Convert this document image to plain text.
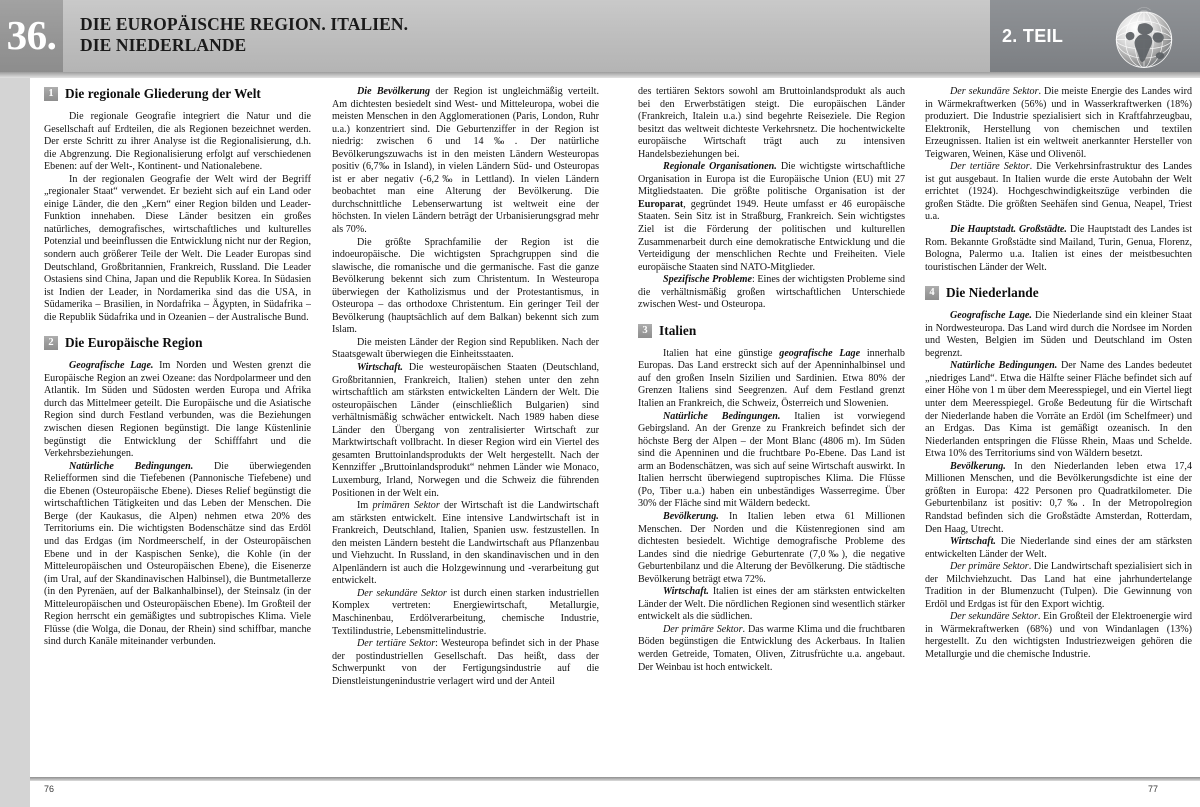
36. DIE EUROPÄISCHE REGION. ITALIEN.
DIE NIEDERLANDE	2. TEIL
1 Die regionale Gliederung der Welt

Die regionale Geografie integriert die Natur und die Gesellschaft auf Erdteilen, die als Regionen bezeichnet werden. Der erste Schritt zu ihrer Analyse ist die Regionalisierung, d.h. die Abgrenzung. Die Regionalisierung erfolgt auf verschiedenen Ebenen: auf der Welt-, Kontinent- und Nationalebene.

In der regionalen Geografie der Welt wird der Begriff „regionaler Staat“ verwendet. Er bezieht sich auf ein Land oder einige Länder, die den „Kern“ einer Region bilden und Leader-Funktion innehaben. Diese Länder besitzen ein großes natürliches, demografisches, wirtschaftliches und kulturelles Potenzial und beeinflussen die Entwicklung nicht nur der Region, sondern auch größerer Teile der Welt. Die Leader Europas sind Deutschland, Großbritannien, Frankreich, Russland. Die Leader Ostasiens sind China, Japan und die Republik Korea. In Südasien ist Indien der Leader, in Nordamerika sind das die USA, in Südamerika – Brasilien, in Nordafrika – Ägypten, in Südafrika – die Republik Südafrika und in Ozeanien – der Australische Bund.

2 Die Europäische Region

Geografische Lage. Im Norden und Westen grenzt die Europäische Region an zwei Ozeane: das Nordpolarmeer und den Atlantik. Im Süden und Südosten werden Europa und Afrika durch das Mittelmeer geteilt. Die Europäische und die Asiatische Region sind durch Festland verbunden, was die Beziehungen zwischen diesen Regionen begünstigt. Die lange Küstenlinie begünstigt die Entwicklung der Schifffahrt und die Verkehrsbeziehungen.

Natürliche Bedingungen. Die überwiegenden Reliefformen sind die Tiefebenen (Pannonische Tiefebene) und die Ebenen (Osteuropäische Ebene). Dieses Relief begünstigt die wirtschaftlichen Tätigkeiten und das Leben der Menschen. Die Berge (der Kaukasus, die Alpen) nehmen etwa 20% des Territoriums ein. Die wichtigsten Bodenschätze sind das Erdöl und das Erdgas (im Nordmeerschelf, in der Osteuropäischen Ebene und in der Kaspischen Senke), die Kohle (in der Mitteleuropäischen und Osteuropäischen Ebene), die Eisenerze (im Ural, auf der Skandinavischen Halbinsel), die Buntmetallerze (in den Pyrenäen, auf der Balkanhalbinsel), der Steinsalz (in der Mitteleuropäischen und Osteuropäischen Ebene). Im Großteil der Region herrscht ein gemäßigtes und subtropisches Klima. Viele Flüsse (die Wolga, die Donau, der Rhein) sind schiffbar, manche sind durch Kanäle miteinander verbunden.

Die Bevölkerung der Region ist ungleichmäßig verteilt. Am dichtesten besiedelt sind West- und Mitteleuropa, wobei die meisten Menschen in den Agglomerationen (Paris, London, Ruhr u.a.) konzentriert sind. Die Geburtenziffer in der Region ist niedrig: zwischen 6 und 14‰. Der natürliche Bevölkerungszuwachs ist in den meisten Ländern Westeuropas positiv (6,7‰ in Island), in vielen Ländern Süd- und Osteuropas ist er aber negativ (-6,2‰ in Lettland). In vielen Ländern beobachtet man eine Alterung der Bevölkerung. Die durchschnittliche Lebenserwartung ist weltweit eine der höchsten. In vielen Ländern beträgt der Urbanisierungsgrad mehr als 70%.

Die größte Sprachfamilie der Region ist die indoeuropäische. Die wichtigsten Sprachgruppen sind die slawische, die romanische und die germanische. Fast die ganze Bevölkerung bekennt sich zum Christentum. In Westeuropa überwiegen der Katholizismus und der Protestantismus, in Osteuropa – das orthodoxe Christentum. Ein geringer Teil der Bevölkerung (hauptsächlich auf dem Balkan) bekennt sich zum Islam.

Die meisten Länder der Region sind Republiken. Nach der Staatsgewalt überwiegen die Einheitsstaaten.

Wirtschaft. Die westeuropäischen Staaten (Deutschland, Großbritannien, Frankreich, Italien) stehen unter den zehn wirtschaftlich am stärksten entwickelten Ländern der Welt. Die osteuropäischen Länder (einschließlich Bulgarien) sind verhältnismäßig schwächer entwickelt. Nach 1989 haben diese Länder den Übergang von zentralisierter Wirtschaft zur Marktwirtschaft vollbracht. In dieser Region wird ein Viertel des gesamten Bruttoinlandsprodukts der Welt hergestellt. Nach der Kennziffer „Bruttoinlandsprodukt“ nehmen Länder wie Monaco, Luxemburg, Irland, Norwegen und die Schweiz die führenden Positionen in der Welt ein.

Im primären Sektor der Wirtschaft ist die Landwirtschaft am stärksten entwickelt. Eine intensive Landwirtschaft ist in Frankreich, Deutschland, Italien, Spanien usw. festzustellen. In den meisten Ländern besteht die Landwirtschaft aus Pflanzenbau und Viehzucht. In Russland, in den skandinavischen und in den Alpenländern ist auch die Holzgewinnung und -verarbeitung gut entwickelt.

Der sekundäre Sektor ist durch einen starken industriellen Komplex vertreten: Energiewirtschaft, Metallurgie, Maschinenbau, Erdölverarbeitung, chemische Industrie, Textilindustrie, Lebensmittelindustrie.

Der tertiäre Sektor: Westeuropa befindet sich in der Phase der postindustriellen Gesellschaft. Das heißt, dass der Schwerpunkt von der Fertigungsindustrie auf die Dienstleistungenindustrie verlagert wird und der Anteil

des tertiären Sektors sowohl am Bruttoinlandsprodukt als auch bei den Erwerbstätigen steigt. Die europäischen Länder (Frankreich, Italein u.a.) sind begehrte Reiseziele. Die Region besitzt das weltweit dichteste Verkehrsnetz. Die hochentwickelte europäische Wirtschaft trägt auch zu intensiven Handelsbeziehungen bei.

Regionale Organisationen. Die wichtigste wirtschaftliche Organisation in Europa ist die Europäische Union (EU) mit 27 Mitgliedstaaten. Die größte politische Organisation ist der Europarat, gegründet 1949. Heute umfasst er 46 europäische Staaten. Sein Sitz ist in Straßburg, Frankreich. Sein wichtigstes Ziel ist die Förderung der politischen und kulturellen Zusammenarbeit durch eine demokratische Entwicklung und die Verteidigung der menschlichen Rechte und Freiheiten. Viele europäische Staaten sind NATO-Mitglieder.

Spezifische Probleme: Eines der wichtigsten Probleme sind die verhältnismäßig großen wirtschaftlichen Unterschiede zwischen West- und Osteuropa.

3 Italien

Italien hat eine günstige geografische Lage innerhalb Europas. Das Land erstreckt sich auf der Apenninhalbinsel und auf den großen Inseln Sizilien und Sardinien. Etwa 80% der Grenzen Italiens sind Seegrenzen. Auf dem Festland grenzt Italien an Frankreich, die Schweiz, Österreich und Slowenien.

Natürliche Bedingungen. Italien ist vorwiegend Gebirgsland. An der Grenze zu Frankreich befindet sich der höchste Berg der Alpen – der Mont Blanc (4806 m). Im Süden sind die Apenninen und die fruchtbare Po-Ebene. Das Land ist arm an Bodenschätzen, was sich auf seine Wirtschaft auswirkt. In Italien herrscht überwiegend suptropisches Klima. Die Flüsse (Po, Tiber u.a.) haben ein unbeständiges Wasserregime. Über 30% der Fläche sind mit Wäldern bedeckt.

Bevölkerung. In Italien leben etwa 61 Millionen Menschen. Der Norden und die Küstenregionen sind am dichtesten besiedelt. Wichtige demografische Probleme des Landes sind die niedrige Geburtenrate (7,0‰), die negative Geburtenbilanz und die Alterung der Bevölkerung. Die städtische Bevölkerung beträgt etwa 72%.

Wirtschaft. Italien ist eines der am stärksten entwickelten Länder der Welt. Die nördlichen Regionen sind wesentlich stärker entwickelt als die südlichen.

Der primäre Sektor. Das warme Klima und die fruchtbaren Böden begünstigen die Entwicklung des Ackerbaus. In Italien werden Getreide, Tomaten, Oliven, Zitrusfrüchte u.a. angebaut. Der Weinbau ist hoch entwickelt.

Der sekundäre Sektor. Die meiste Energie des Landes wird in Wärmekraftwerken (56%) und in Wasserkraftwerken (18%) produziert. Die Industrie spezialisiert sich in Kraftfahrzeugbau, Elektronik, Herstellung von chemischen und textilen Erzeugnissen. Italien ist ein weltweit anerkannter Hersteller von Teigwaren, Weinen, Käse und Olivenöl.

Der tertiäre Sektor. Die Verkehrsinfrastruktur des Landes ist gut ausgebaut. In Italien wurde die erste Autobahn der Welt errichtet (1924). Hochgeschwindigkeitszüge verbinden die großen Städte. Die größten Seehäfen sind Genua, Neapel, Triest u.a.

Die Hauptstadt. Großstädte. Die Hauptstadt des Landes ist Rom. Bekannte Großstädte sind Mailand, Turin, Genua, Florenz, Bologna, Palermo u.a. Italien ist eines der meistbesuchten touristischen Länder der Welt.

4 Die Niederlande

Geografische Lage. Die Niederlande sind ein kleiner Staat in Nordwesteuropa. Das Land wird durch die Nordsee im Norden und Westen, Belgien im Süden und Deutschland im Osten begrenzt.

Natürliche Bedingungen. Der Name des Landes bedeutet „niedriges Land“. Etwa die Hälfte seiner Fläche befindet sich auf einer Höhe von 1 m über dem Meeresspiegel, und ein Viertel liegt unter dem Meeresspiegel. Große Bedeutung für die Wirtschaft der Niederlande haben die Vorräte an Erdöl (im Schelfmeer) und an Erdgas. Das Kima ist gemäßigt ozeanisch. In den Niederlanden entspringen die Flüsse Rhein, Maas und Schelde. Etwa 10% des Territoriums sind von Wäldern besetzt.

Bevölkerung. In den Niederlanden leben etwa 17,4 Millionen Menschen, und die Bevölkerungsdichte ist eine der größten in Europa: 422 Personen pro Quadratkilometer. Die Geburtenbilanz ist positiv: 0,7‰. In der Metropolregion Randstad befinden sich die Großstädte Amsterdan, Rotterdam, Den Haag, Utrecht.

Wirtschaft. Die Niederlande sind eines der am stärksten entwickelten Länder der Welt.

Der primäre Sektor. Die Landwirtschaft spezialisiert sich in der Milchviehzucht. Das Land hat eine jahrhundertelange Tradition in der Blumenzucht (Tulpen). Die Gewinnung von Erdöl und Erdgas ist für den Export wichtig.

Der sekundäre Sektor. Ein Großteil der Elektroenergie wird in Wärmekraftwerken (68%) und von Windanlagen (13%) hergestellt. Zu den wichtigsten Industriezweigen gehören die Metallurgie und die chemische Industrie.

76	77
